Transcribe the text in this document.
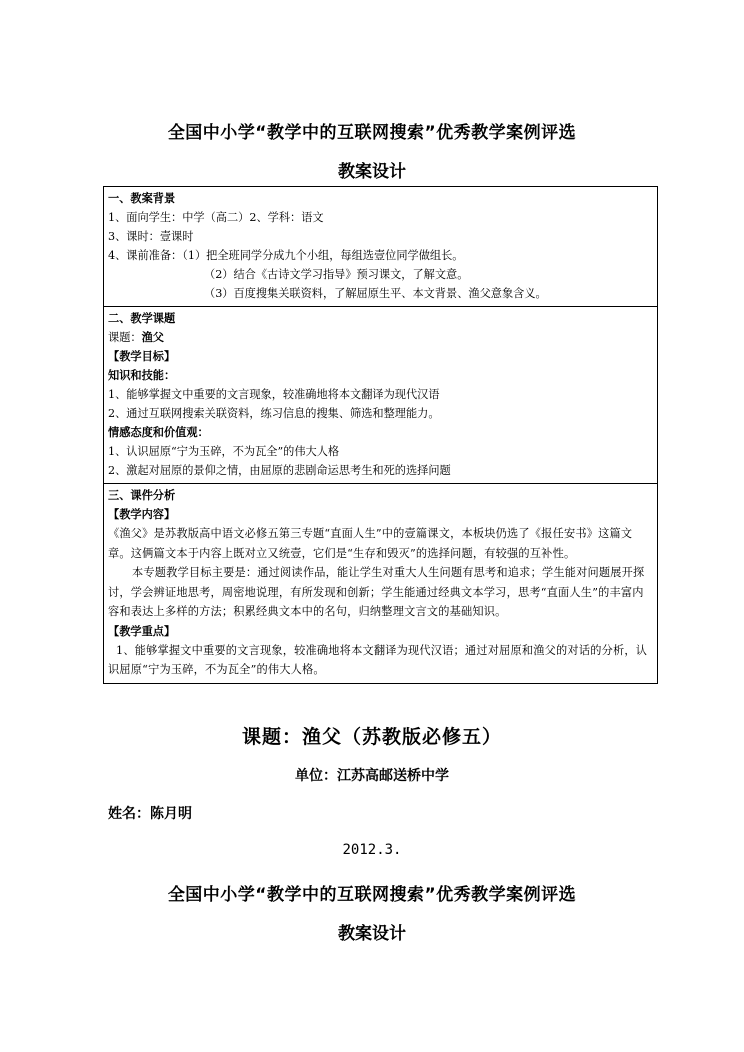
全国中小学“教学中的互联网搜索”优秀教学案例评选
教案设计
一、教案背景
1、面向学生：中学（高二）2、学科：语文
3、课时：壹课时
4、课前准备：（1）把全班同学分成九个小组，每组选壹位同学做组长。
（2）结合《古诗文学习指导》预习课文，了解文意。
（3）百度搜集关联资料，了解屈原生平、本文背景、渔父意象含义。
二、教学课题
课题：渔父
【教学目标】
知识和技能：
1、能够掌握文中重要的文言现象，较准确地将本文翻译为现代汉语
2、通过互联网搜索关联资料，练习信息的搜集、筛选和整理能力。
情感态度和价值观：
1、认识屈原“宁为玉碎，不为瓦全”的伟大人格
2、激起对屈原的景仰之情，由屈原的悲剧命运思考生和死的选择问题
三、课件分析
【教学内容】
《渔父》是苏教版高中语文必修五第三专题“直面人生”中的壹篇课文，本板块仍选了《报任安书》这篇文章。这俩篇文本于内容上既对立又统壹，它们是“生存和毁灭”的选择问题，有较强的互补性。
本专题教学目标主要是：通过阅读作品，能让学生对重大人生问题有思考和追求；学生能对问题展开探讨，学会辨证地思考，周密地说理，有所发现和创新；学生能通过经典文本学习，思考“直面人生”的丰富内容和表达上多样的方法；积累经典文本中的名句，归纳整理文言文的基础知识。
【教学重点】
1、能够掌握文中重要的文言现象，较准确地将本文翻译为现代汉语；通过对屈原和渔父的对话的分析，认识屈原“宁为玉碎，不为瓦全”的伟大人格。
课题：渔父（苏教版必修五）
单位：江苏高邮送桥中学
姓名：陈月明
2012.3.
全国中小学“教学中的互联网搜索”优秀教学案例评选
教案设计
